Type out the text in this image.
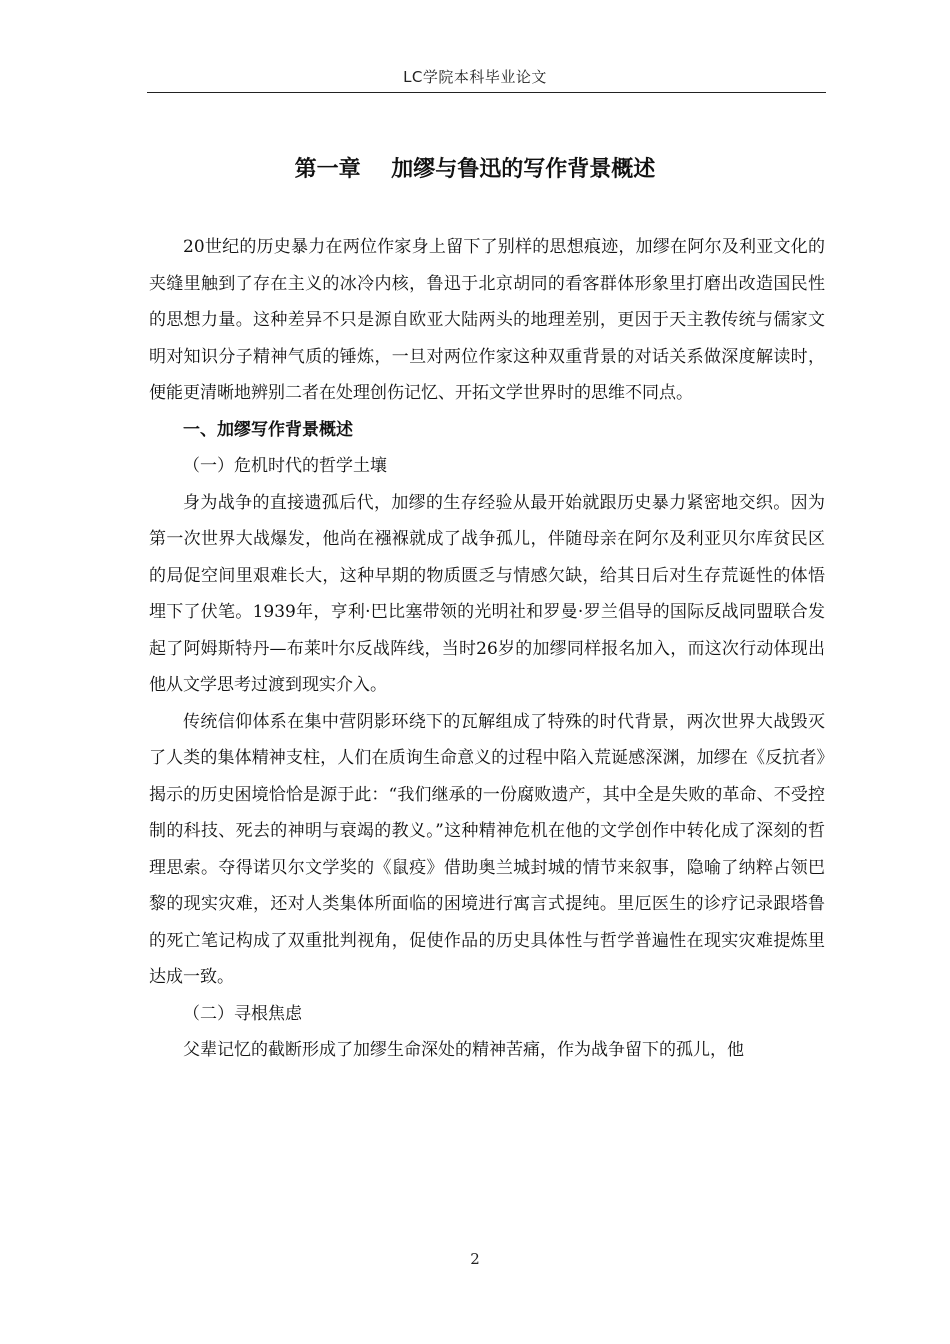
LC学院本科毕业论文
第一章    加缪与鲁迅的写作背景概述

20世纪的历史暴力在两位作家身上留下了别样的思想痕迹，加缪在阿尔及利亚文化的夹缝里触到了存在主义的冰冷内核，鲁迅于北京胡同的看客群体形象里打磨出改造国民性的思想力量。这种差异不只是源自欧亚大陆两头的地理差别，更因于天主教传统与儒家文明对知识分子精神气质的锤炼，一旦对两位作家这种双重背景的对话关系做深度解读时，便能更清晰地辨别二者在处理创伤记忆、开拓文学世界时的思维不同点。

一、加缪写作背景概述
（一）危机时代的哲学土壤

身为战争的直接遗孤后代，加缪的生存经验从最开始就跟历史暴力紧密地交织。因为第一次世界大战爆发，他尚在襁褓就成了战争孤儿，伴随母亲在阿尔及利亚贝尔库贫民区的局促空间里艰难长大，这种早期的物质匮乏与情感欠缺，给其日后对生存荒诞性的体悟埋下了伏笔。1939年，亨利·巴比塞带领的光明社和罗曼·罗兰倡导的国际反战同盟联合发起了阿姆斯特丹—布莱叶尔反战阵线，当时26岁的加缪同样报名加入，而这次行动体现出他从文学思考过渡到现实介入。

传统信仰体系在集中营阴影环绕下的瓦解组成了特殊的时代背景，两次世界大战毁灭了人类的集体精神支柱，人们在质询生命意义的过程中陷入荒诞感深渊，加缪在《反抗者》揭示的历史困境恰恰是源于此：“我们继承的一份腐败遗产，其中全是失败的革命、不受控制的科技、死去的神明与衰竭的教义。”这种精神危机在他的文学创作中转化成了深刻的哲理思索。夺得诺贝尔文学奖的《鼠疫》借助奥兰城封城的情节来叙事，隐喻了纳粹占领巴黎的现实灾难，还对人类集体所面临的困境进行寓言式提纯。里厄医生的诊疗记录跟塔鲁的死亡笔记构成了双重批判视角，促使作品的历史具体性与哲学普遍性在现实灾难提炼里达成一致。

（二）寻根焦虑

父辈记忆的截断形成了加缪生命深处的精神苦痛，作为战争留下的孤儿，他

2
